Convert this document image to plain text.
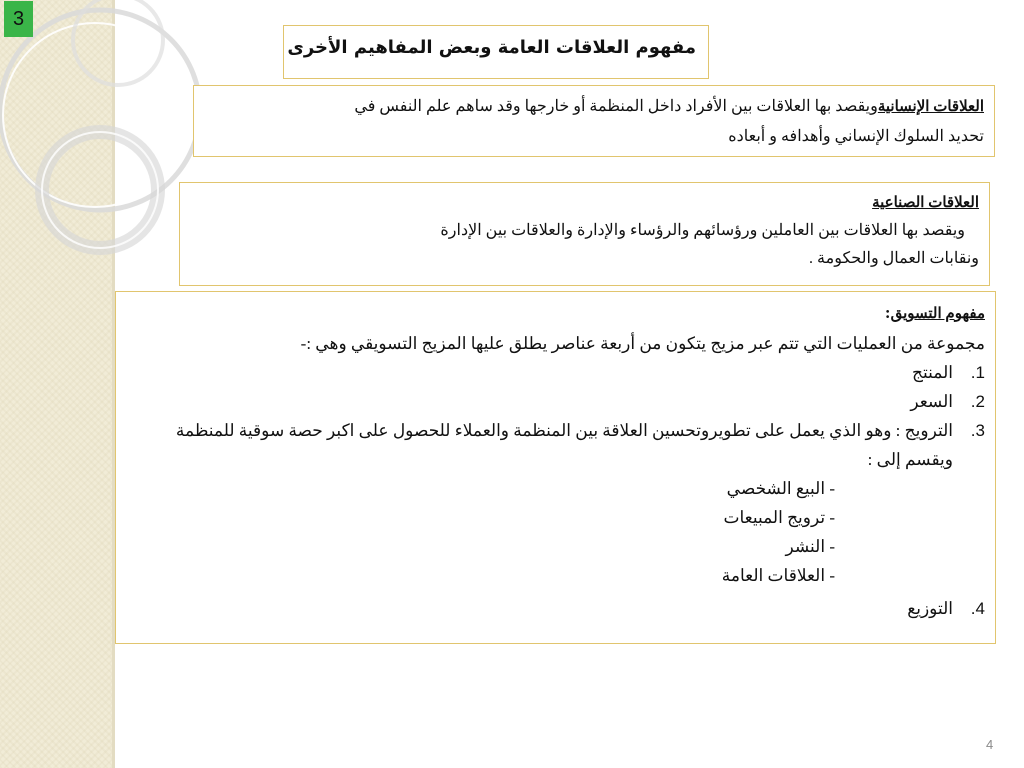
3
مفهوم العلاقات العامة وبعض المفاهيم الأخرى
العلاقات الإنسانيةويقصد بها العلاقات بين الأفراد داخل المنظمة أو خارجها وقد ساهم علم النفس في
تحديد السلوك الإنساني وأهدافه و أبعاده
العلاقات الصناعية
ويقصد بها العلاقات بين العاملين ورؤسائهم والرؤساء والإدارة والعلاقات بين الإدارة
ونقابات العمال والحكومة .
مفهوم التسويق:
مجموعة من العمليات التي تتم عبر مزيج يتكون من أربعة عناصر يطلق عليها المزيج التسويقي وهي :-
1.
المنتج
2.
السعر
3.
الترويج : وهو الذي يعمل على تطويروتحسين العلاقة بين المنظمة والعملاء للحصول على اكبر حصة سوقية للمنظمة ويقسم إلى :
- البيع الشخصي
- ترويج المبيعات
- النشر
- العلاقات العامة
4.
التوزيع
4
